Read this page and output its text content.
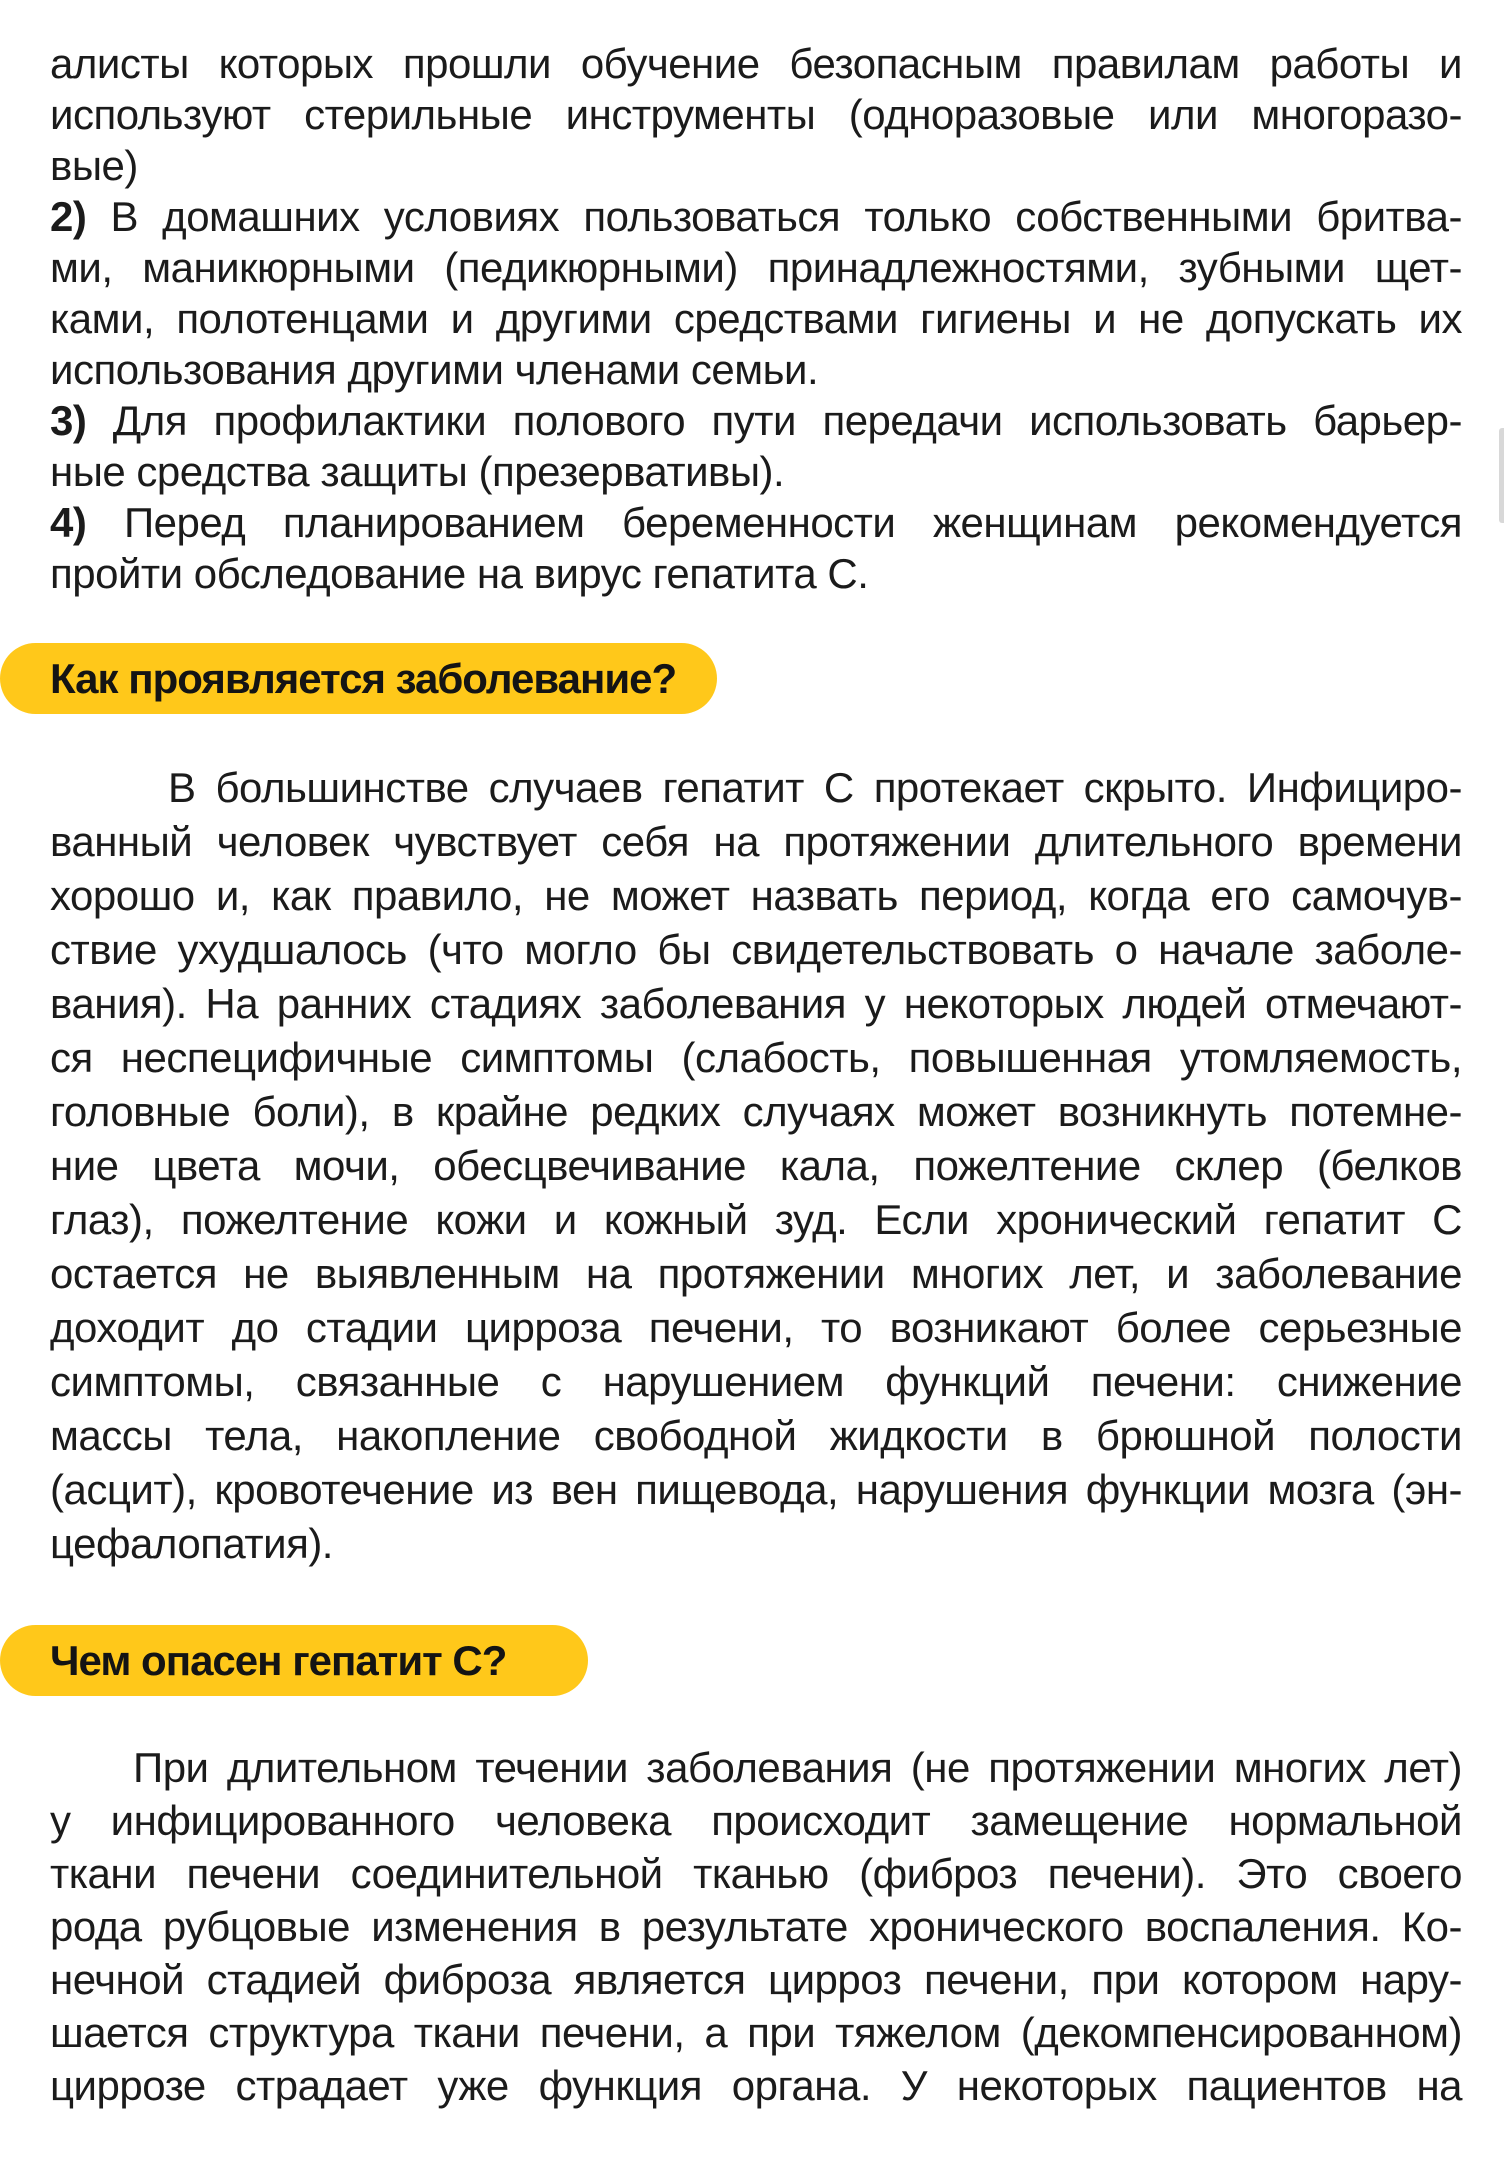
алисты которых прошли обучение безопасным правилам работы и
используют стерильные инструменты (одноразовые или многоразо-
вые)
2) В домашних условиях пользоваться только собственными бритва-
ми, маникюрными (педикюрными) принадлежностями, зубными щет-
ками, полотенцами и другими средствами гигиены и не допускать их
использования другими членами семьи.
3) Для профилактики полового пути передачи использовать барьер-
ные средства защиты (презервативы).
4) Перед планированием беременности женщинам рекомендуется
пройти обследование на вирус гепатита С.
Как проявляется заболевание?
В большинстве случаев гепатит С протекает скрыто. Инфициро-
ванный человек чувствует себя на протяжении длительного времени
хорошо и, как правило, не может назвать период, когда его самочув-
ствие ухудшалось (что могло бы свидетельствовать о начале заболе-
вания). На ранних стадиях заболевания у некоторых людей отмечают-
ся неспецифичные симптомы (слабость, повышенная утомляемость,
головные боли), в крайне редких случаях может возникнуть потемне-
ние цвета мочи, обесцвечивание кала, пожелтение склер (белков
глаз), пожелтение кожи и кожный зуд. Если хронический гепатит С
остается не выявленным на протяжении многих лет, и заболевание
доходит до стадии цирроза печени, то возникают более серьезные
симптомы, связанные с нарушением функций печени: снижение
массы тела, накопление свободной жидкости в брюшной полости
(асцит), кровотечение из вен пищевода, нарушения функции мозга (эн-
цефалопатия).
Чем опасен гепатит С?
При длительном течении заболевания (не протяжении многих лет)
у инфицированного человека происходит замещение нормальной
ткани печени соединительной тканью (фиброз печени). Это своего
рода рубцовые изменения в результате хронического воспаления. Ко-
нечной стадией фиброза является цирроз печени, при котором нару-
шается структура ткани печени, а при тяжелом (декомпенсированном)
циррозе страдает уже функция органа. У некоторых пациентов на
